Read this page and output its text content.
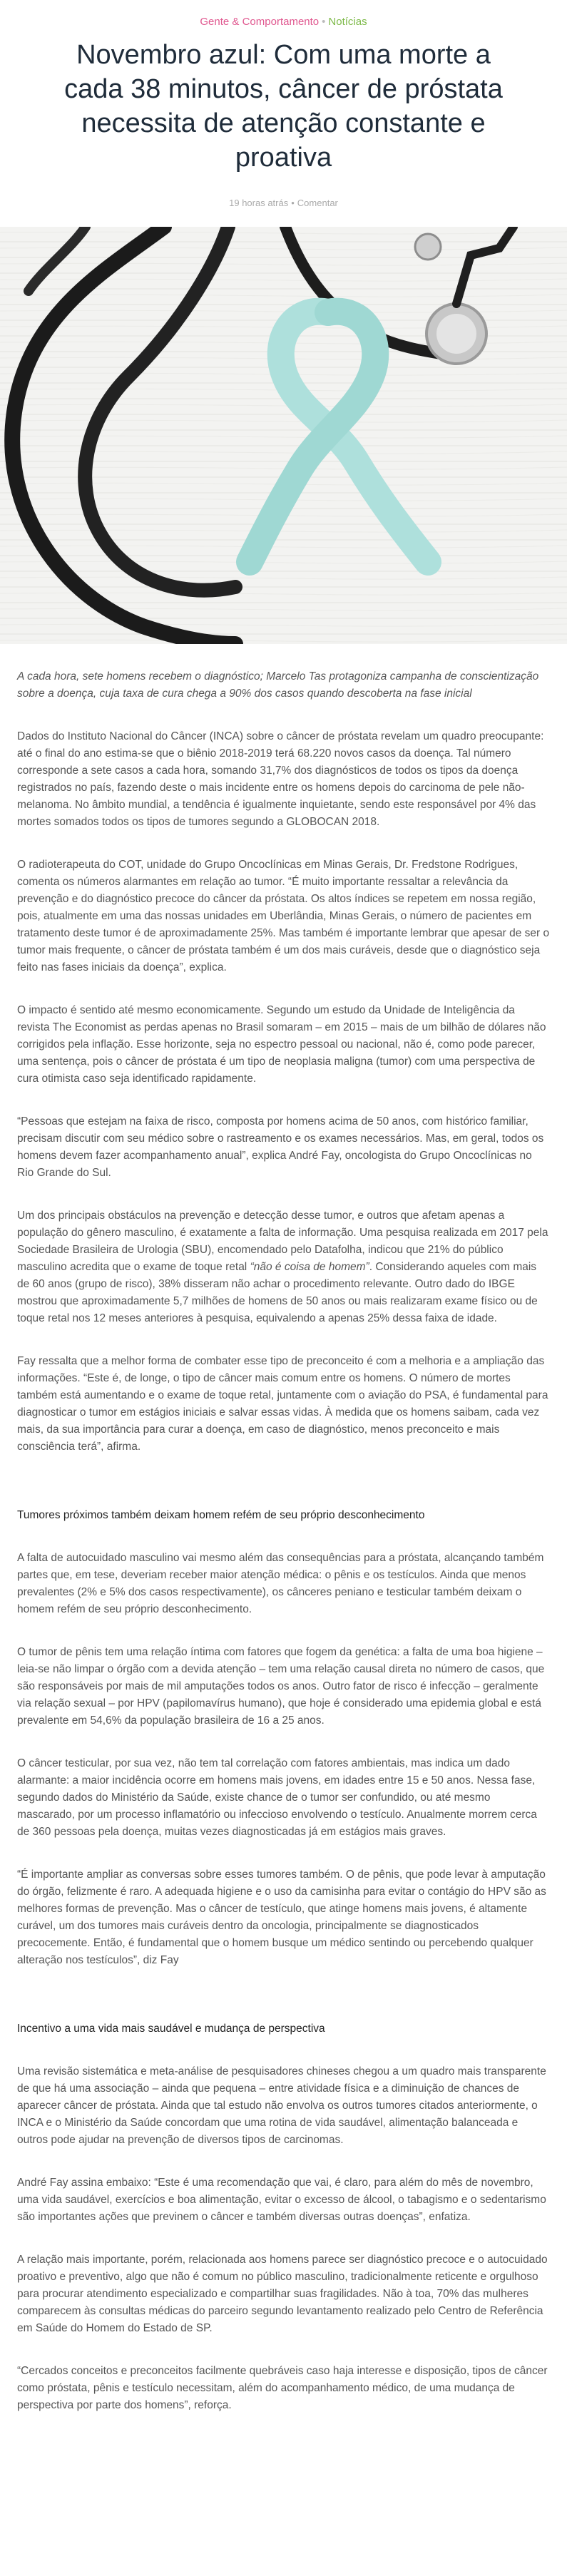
Gente & Comportamento • Notícias
Novembro azul: Com uma morte a cada 38 minutos, câncer de próstata necessita de atenção constante e proativa
19 horas atrás • Comentar
A cada hora, sete homens recebem o diagnóstico; Marcelo Tas protagoniza campanha de conscientização sobre a doença, cuja taxa de cura chega a 90% dos casos quando descoberta na fase inicial

Dados do Instituto Nacional do Câncer (INCA) sobre o câncer de próstata revelam um quadro preocupante: até o final do ano estima-se que o biênio 2018-2019 terá 68.220 novos casos da doença. Tal número corresponde a sete casos a cada hora, somando 31,7% dos diagnósticos de todos os tipos da doença registrados no país, fazendo deste o mais incidente entre os homens depois do carcinoma de pele não-melanoma. No âmbito mundial, a tendência é igualmente inquietante, sendo este responsável por 4% das mortes somados todos os tipos de tumores segundo a GLOBOCAN 2018.

O radioterapeuta do COT, unidade do Grupo Oncoclínicas em Minas Gerais, Dr. Fredstone Rodrigues, comenta os números alarmantes em relação ao tumor. “É muito importante ressaltar a relevância da prevenção e do diagnóstico precoce do câncer da próstata. Os altos índices se repetem em nossa região, pois, atualmente em uma das nossas unidades em Uberlândia, Minas Gerais, o número de pacientes em tratamento deste tumor é de aproximadamente 25%. Mas também é importante lembrar que apesar de ser o tumor mais frequente, o câncer de próstata também é um dos mais curáveis, desde que o diagnóstico seja feito nas fases iniciais da doença”, explica.

O impacto é sentido até mesmo economicamente. Segundo um estudo da Unidade de Inteligência da revista The Economist as perdas apenas no Brasil somaram – em 2015 – mais de um bilhão de dólares não corrigidos pela inflação. Esse horizonte, seja no espectro pessoal ou nacional, não é, como pode parecer, uma sentença, pois o câncer de próstata é um tipo de neoplasia maligna (tumor) com uma perspectiva de cura otimista caso seja identificado rapidamente.

“Pessoas que estejam na faixa de risco, composta por homens acima de 50 anos, com histórico familiar, precisam discutir com seu médico sobre o rastreamento e os exames necessários. Mas, em geral, todos os homens devem fazer acompanhamento anual”, explica André Fay, oncologista do Grupo Oncoclínicas no Rio Grande do Sul.

Um dos principais obstáculos na prevenção e detecção desse tumor, e outros que afetam apenas a população do gênero masculino, é exatamente a falta de informação. Uma pesquisa realizada em 2017 pela Sociedade Brasileira de Urologia (SBU), encomendado pelo Datafolha, indicou que 21% do público masculino acredita que o exame de toque retal “não é coisa de homem”. Considerando aqueles com mais de 60 anos (grupo de risco), 38% disseram não achar o procedimento relevante. Outro dado do IBGE mostrou que aproximadamente 5,7 milhões de homens de 50 anos ou mais realizaram exame físico ou de toque retal nos 12 meses anteriores à pesquisa, equivalendo a apenas 25% dessa faixa de idade.

Fay ressalta que a melhor forma de combater esse tipo de preconceito é com a melhoria e a ampliação das informações. “Este é, de longe, o tipo de câncer mais comum entre os homens. O número de mortes também está aumentando e o exame de toque retal, juntamente com o aviação do PSA, é fundamental para diagnosticar o tumor em estágios iniciais e salvar essas vidas. À medida que os homens saibam, cada vez mais, da sua importância para curar a doença, em caso de diagnóstico, menos preconceito e mais consciência terá”, afirma.

Tumores próximos também deixam homem refém de seu próprio desconhecimento

A falta de autocuidado masculino vai mesmo além das consequências para a próstata, alcançando também partes que, em tese, deveriam receber maior atenção médica: o pênis e os testículos. Ainda que menos prevalentes (2% e 5% dos casos respectivamente), os cânceres peniano e testicular também deixam o homem refém de seu próprio desconhecimento.

O tumor de pênis tem uma relação íntima com fatores que fogem da genética: a falta de uma boa higiene – leia-se não limpar o órgão com a devida atenção – tem uma relação causal direta no número de casos, que são responsáveis por mais de mil amputações todos os anos. Outro fator de risco é infecção – geralmente via relação sexual – por HPV (papilomavírus humano), que hoje é considerado uma epidemia global e está prevalente em 54,6% da população brasileira de 16 a 25 anos.

O câncer testicular, por sua vez, não tem tal correlação com fatores ambientais, mas indica um dado alarmante: a maior incidência ocorre em homens mais jovens, em idades entre 15 e 50 anos. Nessa fase, segundo dados do Ministério da Saúde, existe chance de o tumor ser confundido, ou até mesmo mascarado, por um processo inflamatório ou infeccioso envolvendo o testículo. Anualmente morrem cerca de 360 pessoas pela doença, muitas vezes diagnosticadas já em estágios mais graves.

“É importante ampliar as conversas sobre esses tumores também. O de pênis, que pode levar à amputação do órgão, felizmente é raro. A adequada higiene e o uso da camisinha para evitar o contágio do HPV são as melhores formas de prevenção. Mas o câncer de testículo, que atinge homens mais jovens, é altamente curável, um dos tumores mais curáveis dentro da oncologia, principalmente se diagnosticados precocemente. Então, é fundamental que o homem busque um médico sentindo ou percebendo qualquer alteração nos testículos”, diz Fay

Incentivo a uma vida mais saudável e mudança de perspectiva

Uma revisão sistemática e meta-análise de pesquisadores chineses chegou a um quadro mais transparente de que há uma associação – ainda que pequena – entre atividade física e a diminuição de chances de aparecer câncer de próstata. Ainda que tal estudo não envolva os outros tumores citados anteriormente, o INCA e o Ministério da Saúde concordam que uma rotina de vida saudável, alimentação balanceada e outros pode ajudar na prevenção de diversos tipos de carcinomas.

André Fay assina embaixo: “Este é uma recomendação que vai, é claro, para além do mês de novembro, uma vida saudável, exercícios e boa alimentação, evitar o excesso de álcool, o tabagismo e o sedentarismo são importantes ações que previnem o câncer e também diversas outras doenças”, enfatiza.

A relação mais importante, porém, relacionada aos homens parece ser diagnóstico precoce e o autocuidado proativo e preventivo, algo que não é comum no público masculino, tradicionalmente reticente e orgulhoso para procurar atendimento especializado e compartilhar suas fragilidades. Não à toa, 70% das mulheres comparecem às consultas médicas do parceiro segundo levantamento realizado pelo Centro de Referência em Saúde do Homem do Estado de SP.

“Cercados conceitos e preconceitos facilmente quebráveis caso haja interesse e disposição, tipos de câncer como próstata, pênis e testículo necessitam, além do acompanhamento médico, de uma mudança de perspectiva por parte dos homens”, reforça.
